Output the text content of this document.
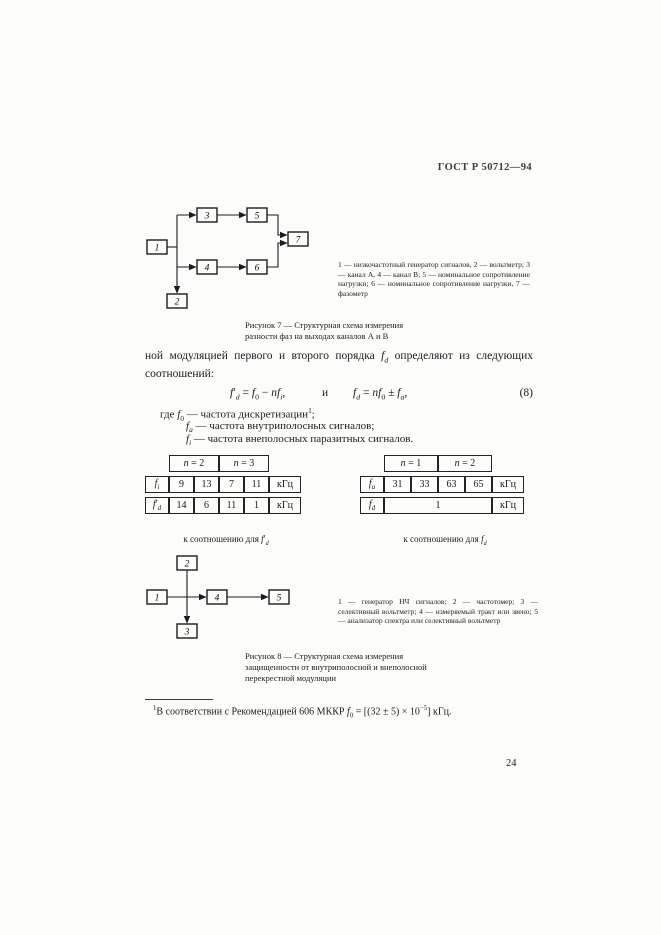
ГОСТ Р 50712—94
1
2
3
4
5
6
7
1 — низкочастотный генератор сигналов, 2 — вольтметр; 3 — канал А, 4 — канал В; 5 — номинальное сопротивление нагрузки; 6 — номинальное сопротивление нагрузки, 7 — фазометр
Рисунок 7 — Структурная схема измерения разности фаз на выходах каналов А и В
ной модуляцией первого и второго порядка $f_d$ определяют из следующих соотношений:
$f'_d = f_0 - nf_i$,	и $f_d = nf_0 \pm f_a$,	(8)
где $f_0$ — частота дискретизации$^1$;
$f_a$ — частота внутриполосных сигналов;
$f_i$ — частота внеполосных паразитных сигналов.
	n = 2		n = 3		
$f_i$	9	13	7	11	кГц
$f'_d$	14	6	11	1	кГц
	n = 1		n = 2		
$f_a$	31	33	63	65	кГц
$f_d$	1				кГц
к соотношению для $f'_d$	к соотношению для $f_d$
2
1	4	5
3
1 — генератор НЧ сигналов; 2 — частотомер; 3 — селективный вольтметр; 4 — измеряемый тракт или звено; 5 — анализатор спектра или селективный вольтметр
Рисунок 8 — Структурная схема измерения защищенности от внутриполосной и внеполосной перекрестной модуляции
$^1$В соответствии с Рекомендацией 606 МККР $f_0 = [(32 \pm 5) \times 10^{-5}]$ кГц.
24
